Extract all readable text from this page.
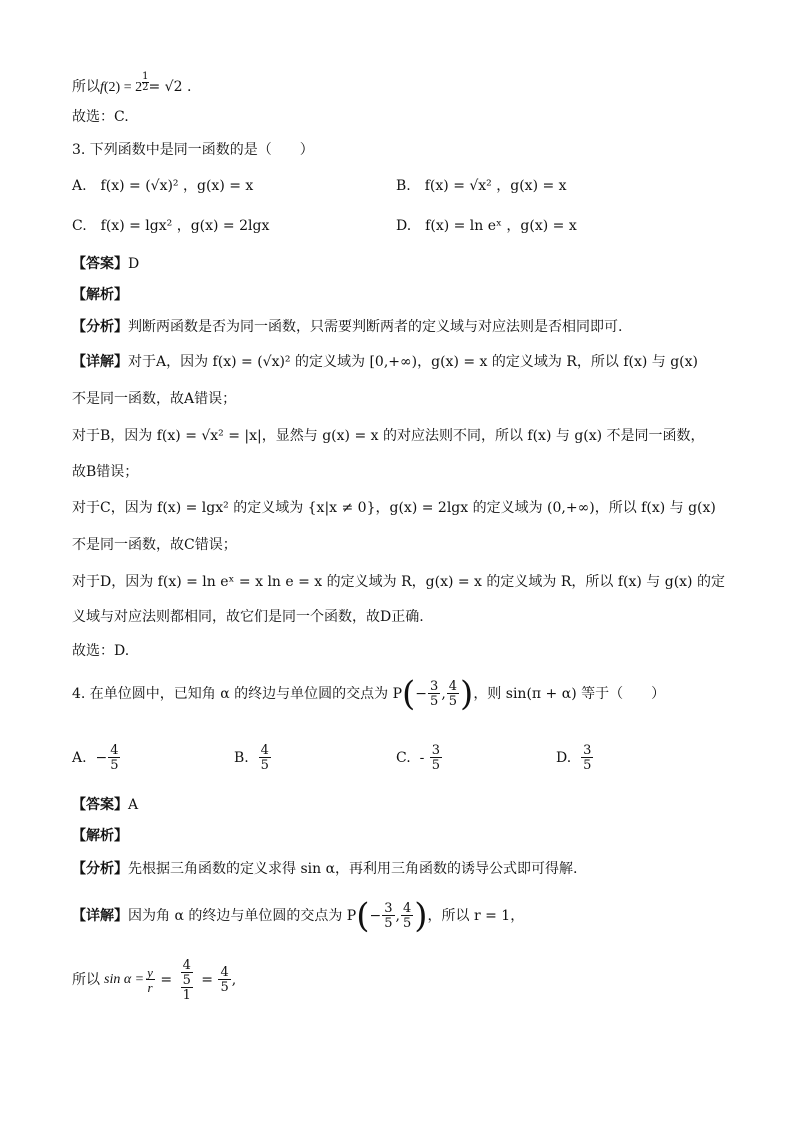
所以f(2) = 2 $^{\frac{1}{2}}$ = √2 .
故选：C.
3. 下列函数中是同一函数的是（　　）
A.　f(x) = (√x)² ，g(x) = x	B.　f(x) = √x² ，g(x) = x
C.　f(x) = lgx² ，g(x) = 2lgx	D.　f(x) = ln eˣ ，g(x) = x
【答案】D
【解析】
【分析】判断两函数是否为同一函数，只需要判断两者的定义域与对应法则是否相同即可.
【详解】对于A，因为 f(x) = (√x)² 的定义域为 [0,+∞)，g(x) = x 的定义域为 R，所以 f(x) 与 g(x)
不是同一函数，故A错误；
对于B，因为 f(x) = √x² = |x|，显然与 g(x) = x 的对应法则不同，所以 f(x) 与 g(x) 不是同一函数，
故B错误；
对于C，因为 f(x) = lgx² 的定义域为 {x|x ≠ 0}，g(x) = 2lgx 的定义域为 (0,+∞)，所以 f(x) 与 g(x)
不是同一函数，故C错误；
对于D，因为 f(x) = ln eˣ = x ln e = x 的定义域为 R，g(x) = x 的定义域为 R，所以 f(x) 与 g(x) 的定
义域与对应法则都相同，故它们是同一个函数，故D正确.
故选：D.
4. 在单位圆中，已知角 α 的终边与单位圆的交点为 P ( − $\frac{3}{5}$ , $\frac{4}{5}$ ) ，则 sin(π + α) 等于（　　）
A. − $\frac{4}{5}$	B.
$\frac{4}{5}$	C. - $\frac{3}{5}$	D.
$\frac{3}{5}$
【答案】A
【解析】
【分析】先根据三角函数的定义求得 sin α，再利用三角函数的诱导公式即可得解.
【详解】 因为角 α 的终边与单位圆的交点为 P ( − $\frac{3}{5}$ , $\frac{4}{5}$ ) ，所以 r = 1，
所以 $\sin \alpha = \frac{y}{r} = \frac{\frac{4}{5}}{1} = \frac{4}{5}$ ,
